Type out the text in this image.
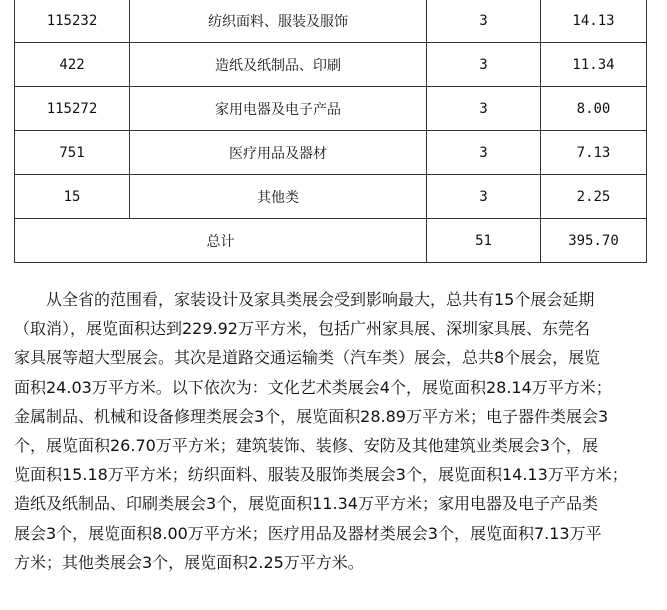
115232	纺织面料、服装及服饰	3	14.13
422	造纸及纸制品、印刷	3	11.34
115272	家用电器及电子产品	3	8.00
751	医疗用品及器材	3	7.13
15	其他类	3	2.25
总计		51	395.70
从全省的范围看，家装设计及家具类展会受到影响最大，总共有15个展会延期
（取消），展览面积达到229.92万平方米，包括广州家具展、深圳家具展、东莞名
家具展等超大型展会。其次是道路交通运输类（汽车类）展会，总共8个展会，展览
面积24.03万平方米。以下依次为：文化艺术类展会4个，展览面积28.14万平方米；
金属制品、机械和设备修理类展会3个，展览面积28.89万平方米；电子器件类展会3
个，展览面积26.70万平方米；建筑装饰、装修、安防及其他建筑业类展会3个，展
览面积15.18万平方米；纺织面料、服装及服饰类展会3个，展览面积14.13万平方米；
造纸及纸制品、印刷类展会3个，展览面积11.34万平方米；家用电器及电子产品类
展会3个，展览面积8.00万平方米；医疗用品及器材类展会3个，展览面积7.13万平
方米；其他类展会3个，展览面积2.25万平方米。
